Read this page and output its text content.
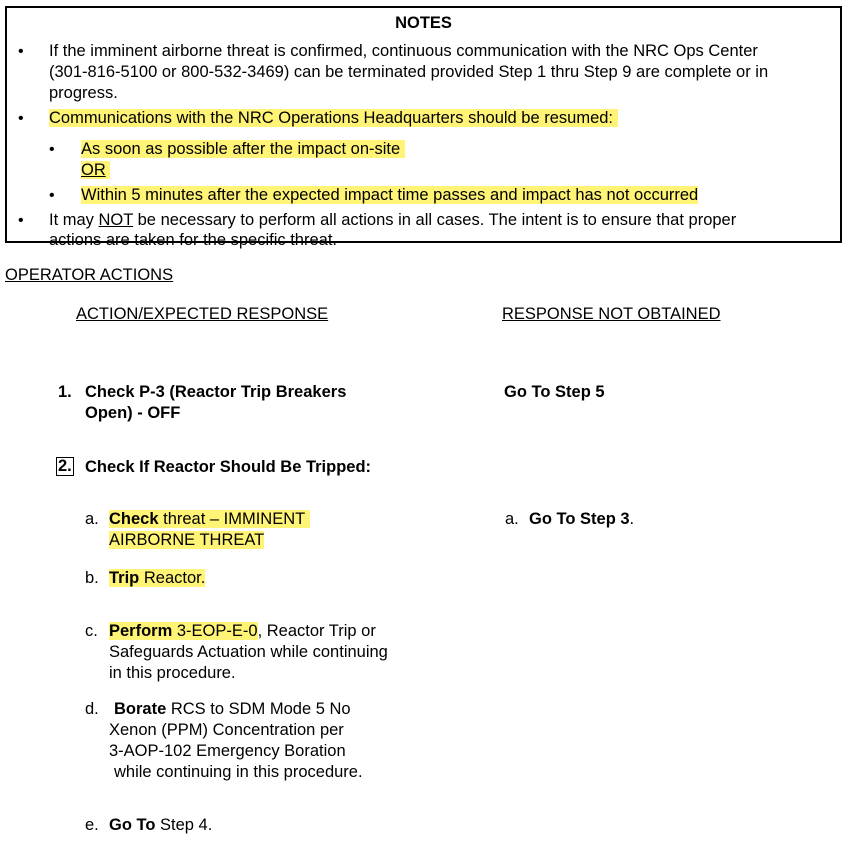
NOTES
• If the imminent airborne threat is confirmed, continuous communication with the NRC Ops Center
(301-816-5100 or 800-532-3469) can be terminated provided Step 1 thru Step 9 are complete or in
progress.
• Communications with the NRC Operations Headquarters should be resumed:
• As soon as possible after the impact on-site
OR
• Within 5 minutes after the expected impact time passes and impact has not occurred
• It may NOT be necessary to perform all actions in all cases. The intent is to ensure that proper
actions are taken for the specific threat.
OPERATOR ACTIONS
ACTION/EXPECTED RESPONSE	RESPONSE NOT OBTAINED
1. Check P-3 (Reactor Trip Breakers
Open) - OFF
Go To Step 5
2. Check If Reactor Should Be Tripped:
a. Check threat – IMMINENT
AIRBORNE THREAT
a. Go To Step 3.
b. Trip Reactor.
c. Perform 3-EOP-E-0, Reactor Trip or
Safeguards Actuation while continuing
in this procedure.
d. Borate RCS to SDM Mode 5 No
Xenon (PPM) Concentration per
3-AOP-102 Emergency Boration
while continuing in this procedure.
e. Go To Step 4.
